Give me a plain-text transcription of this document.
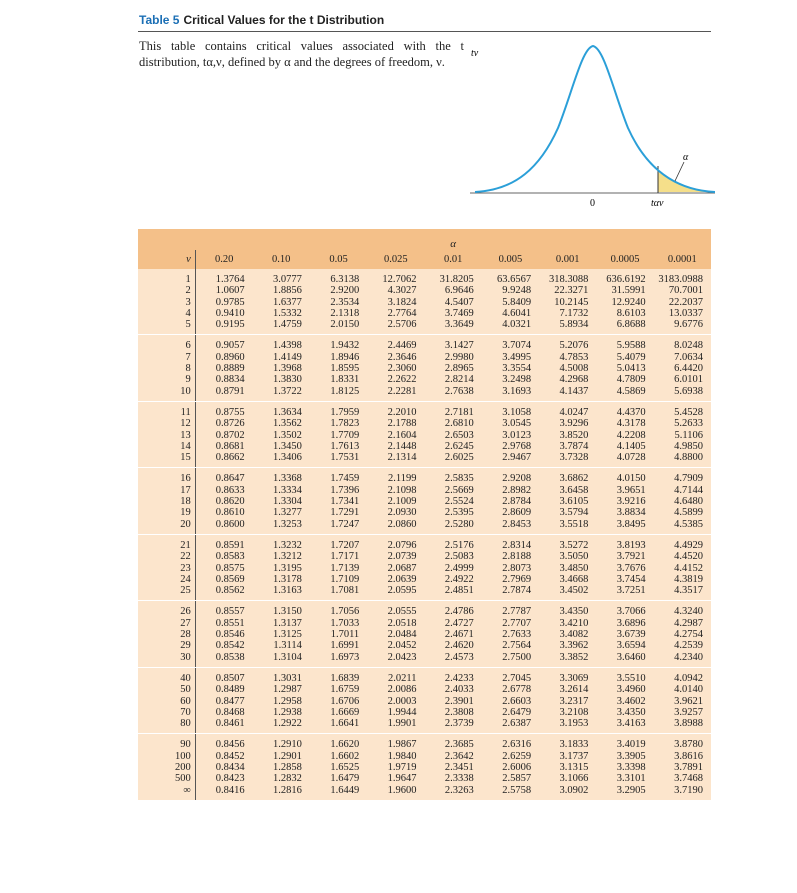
Table 5 Critical Values for the t Distribution
This table contains critical values associated with the t distribution, tα,ν, defined by α and the degrees of freedom, ν.
tν
α
0	tαν
					α				
ν	0.20	0.10	0.05	0.025	0.01	0.005	0.001	0.0005	0.0001
1	1.3764	3.0777	6.3138	12.7062	31.8205	63.6567	318.3088	636.6192	3183.0988
2	1.0607	1.8856	2.9200	4.3027	6.9646	9.9248	22.3271	31.5991	70.7001
3	0.9785	1.6377	2.3534	3.1824	4.5407	5.8409	10.2145	12.9240	22.2037
4	0.9410	1.5332	2.1318	2.7764	3.7469	4.6041	7.1732	8.6103	13.0337
5	0.9195	1.4759	2.0150	2.5706	3.3649	4.0321	5.8934	6.8688	9.6776
6	0.9057	1.4398	1.9432	2.4469	3.1427	3.7074	5.2076	5.9588	8.0248
7	0.8960	1.4149	1.8946	2.3646	2.9980	3.4995	4.7853	5.4079	7.0634
8	0.8889	1.3968	1.8595	2.3060	2.8965	3.3554	4.5008	5.0413	6.4420
9	0.8834	1.3830	1.8331	2.2622	2.8214	3.2498	4.2968	4.7809	6.0101
10	0.8791	1.3722	1.8125	2.2281	2.7638	3.1693	4.1437	4.5869	5.6938
11	0.8755	1.3634	1.7959	2.2010	2.7181	3.1058	4.0247	4.4370	5.4528
12	0.8726	1.3562	1.7823	2.1788	2.6810	3.0545	3.9296	4.3178	5.2633
13	0.8702	1.3502	1.7709	2.1604	2.6503	3.0123	3.8520	4.2208	5.1106
14	0.8681	1.3450	1.7613	2.1448	2.6245	2.9768	3.7874	4.1405	4.9850
15	0.8662	1.3406	1.7531	2.1314	2.6025	2.9467	3.7328	4.0728	4.8800
16	0.8647	1.3368	1.7459	2.1199	2.5835	2.9208	3.6862	4.0150	4.7909
17	0.8633	1.3334	1.7396	2.1098	2.5669	2.8982	3.6458	3.9651	4.7144
18	0.8620	1.3304	1.7341	2.1009	2.5524	2.8784	3.6105	3.9216	4.6480
19	0.8610	1.3277	1.7291	2.0930	2.5395	2.8609	3.5794	3.8834	4.5899
20	0.8600	1.3253	1.7247	2.0860	2.5280	2.8453	3.5518	3.8495	4.5385
21	0.8591	1.3232	1.7207	2.0796	2.5176	2.8314	3.5272	3.8193	4.4929
22	0.8583	1.3212	1.7171	2.0739	2.5083	2.8188	3.5050	3.7921	4.4520
23	0.8575	1.3195	1.7139	2.0687	2.4999	2.8073	3.4850	3.7676	4.4152
24	0.8569	1.3178	1.7109	2.0639	2.4922	2.7969	3.4668	3.7454	4.3819
25	0.8562	1.3163	1.7081	2.0595	2.4851	2.7874	3.4502	3.7251	4.3517
26	0.8557	1.3150	1.7056	2.0555	2.4786	2.7787	3.4350	3.7066	4.3240
27	0.8551	1.3137	1.7033	2.0518	2.4727	2.7707	3.4210	3.6896	4.2987
28	0.8546	1.3125	1.7011	2.0484	2.4671	2.7633	3.4082	3.6739	4.2754
29	0.8542	1.3114	1.6991	2.0452	2.4620	2.7564	3.3962	3.6594	4.2539
30	0.8538	1.3104	1.6973	2.0423	2.4573	2.7500	3.3852	3.6460	4.2340
40	0.8507	1.3031	1.6839	2.0211	2.4233	2.7045	3.3069	3.5510	4.0942
50	0.8489	1.2987	1.6759	2.0086	2.4033	2.6778	3.2614	3.4960	4.0140
60	0.8477	1.2958	1.6706	2.0003	2.3901	2.6603	3.2317	3.4602	3.9621
70	0.8468	1.2938	1.6669	1.9944	2.3808	2.6479	3.2108	3.4350	3.9257
80	0.8461	1.2922	1.6641	1.9901	2.3739	2.6387	3.1953	3.4163	3.8988
90	0.8456	1.2910	1.6620	1.9867	2.3685	2.6316	3.1833	3.4019	3.8780
100	0.8452	1.2901	1.6602	1.9840	2.3642	2.6259	3.1737	3.3905	3.8616
200	0.8434	1.2858	1.6525	1.9719	2.3451	2.6006	3.1315	3.3398	3.7891
500	0.8423	1.2832	1.6479	1.9647	2.3338	2.5857	3.1066	3.3101	3.7468
∞	0.8416	1.2816	1.6449	1.9600	2.3263	2.5758	3.0902	3.2905	3.7190
